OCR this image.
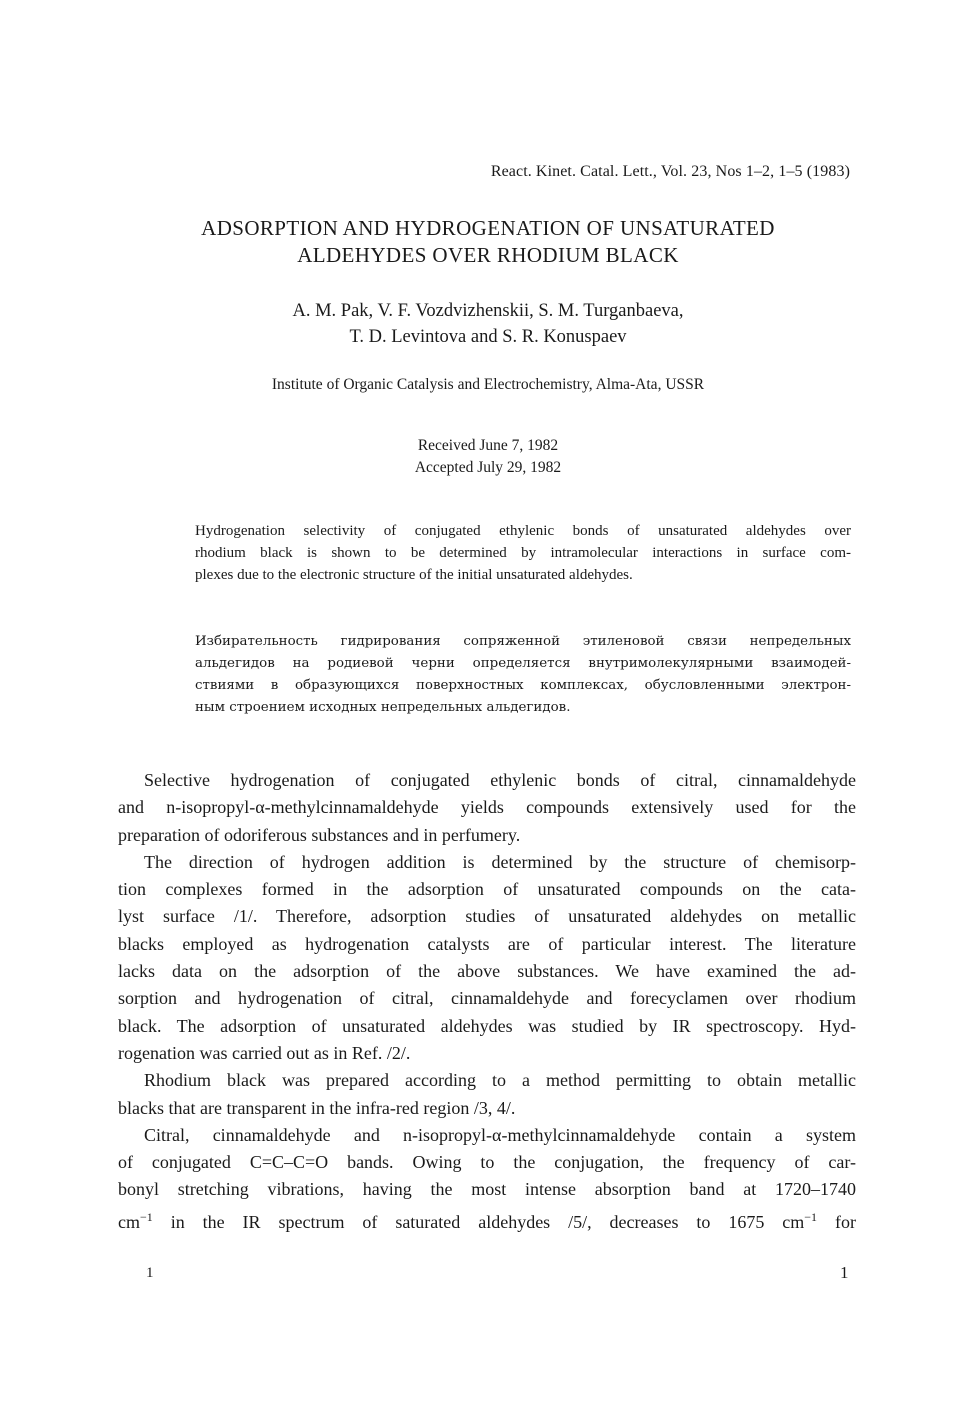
React. Kinet. Catal. Lett., Vol. 23, Nos 1–2, 1–5 (1983)
ADSORPTION AND HYDROGENATION OF UNSATURATED
ALDEHYDES OVER RHODIUM BLACK
A. M. Pak, V. F. Vozdvizhenskii, S. M. Turganbaeva,
T. D. Levintova and S. R. Konuspaev
Institute of Organic Catalysis and Electrochemistry, Alma-Ata, USSR
Received June 7, 1982
Accepted July 29, 1982
Hydrogenation selectivity of conjugated ethylenic bonds of unsaturated aldehydes over
rhodium black is shown to be determined by intramolecular interactions in surface com-
plexes due to the electronic structure of the initial unsaturated aldehydes.
Избирательность гидрирования сопряженной этиленовой связи непредельных
альдегидов на родиевой черни определяется внутримолекулярными взаимодей-
ствиями в образующихся поверхностных комплексах, обусловленными электрон-
ным строением исходных непредельных альдегидов.
Selective hydrogenation of conjugated ethylenic bonds of citral, cinnamaldehyde
and n-isopropyl-α-methylcinnamaldehyde yields compounds extensively used for the
preparation of odoriferous substances and in perfumery.
The direction of hydrogen addition is determined by the structure of chemisorp-
tion complexes formed in the adsorption of unsaturated compounds on the cata-
lyst surface /1/. Therefore, adsorption studies of unsaturated aldehydes on metallic
blacks employed as hydrogenation catalysts are of particular interest. The literature
lacks data on the adsorption of the above substances. We have examined the ad-
sorption and hydrogenation of citral, cinnamaldehyde and forecyclamen over rhodium
black. The adsorption of unsaturated aldehydes was studied by IR spectroscopy. Hyd-
rogenation was carried out as in Ref. /2/.
Rhodium black was prepared according to a method permitting to obtain metallic
blacks that are transparent in the infra-red region /3, 4/.
Citral, cinnamaldehyde and n-isopropyl-α-methylcinnamaldehyde contain a system
of conjugated C=C–C=O bands. Owing to the conjugation, the frequency of car-
bonyl stretching vibrations, having the most intense absorption band at 1720–1740
$cm^{-1}$ in the IR spectrum of saturated aldehydes /5/, decreases to 1675 $cm^{-1}$ for
1	1
